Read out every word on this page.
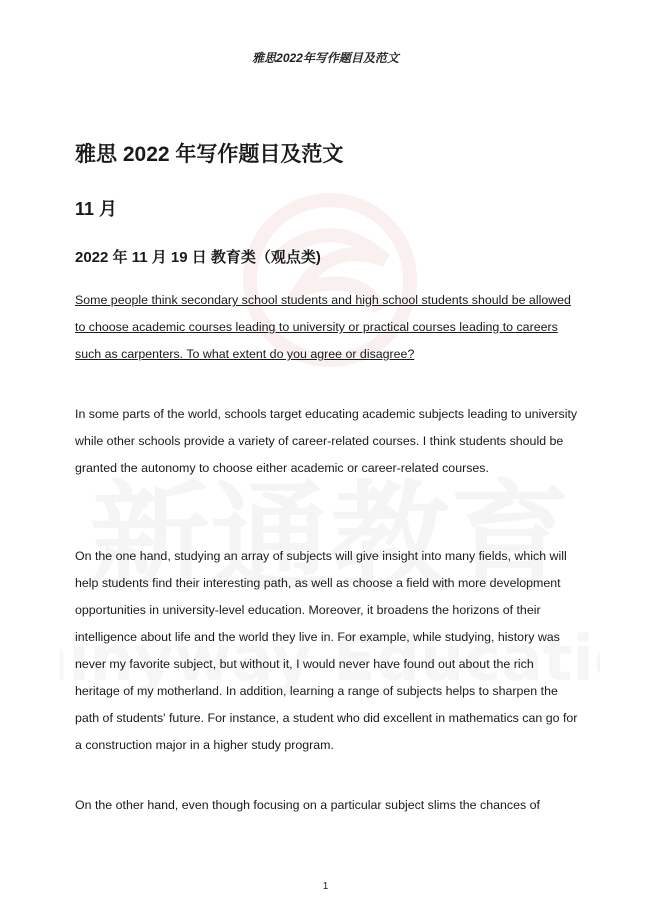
雅思2022年写作题目及范文
雅思 2022 年写作题目及范文
11 月
2022 年 11 月 19 日 教育类（观点类)

Some people think secondary school students and high school students should be allowed to choose academic courses leading to university or practical courses leading to careers such as carpenters. To what extent do you agree or disagree?

In some parts of the world, schools target educating academic subjects leading to university while other schools provide a variety of career-related courses. I think students should be granted the autonomy to choose either academic or career-related courses.

On the one hand, studying an array of subjects will give insight into many fields, which will help students find their interesting path, as well as choose a field with more development opportunities in university-level education. Moreover, it broadens the horizons of their intelligence about life and the world they live in. For example, while studying, history was never my favorite subject, but without it, I would never have found out about the rich heritage of my motherland. In addition, learning a range of subjects helps to sharpen the path of students' future. For instance, a student who did excellent in mathematics can go for a construction major in a higher study program.

On the other hand, even though focusing on a particular subject slims the chances of

1
